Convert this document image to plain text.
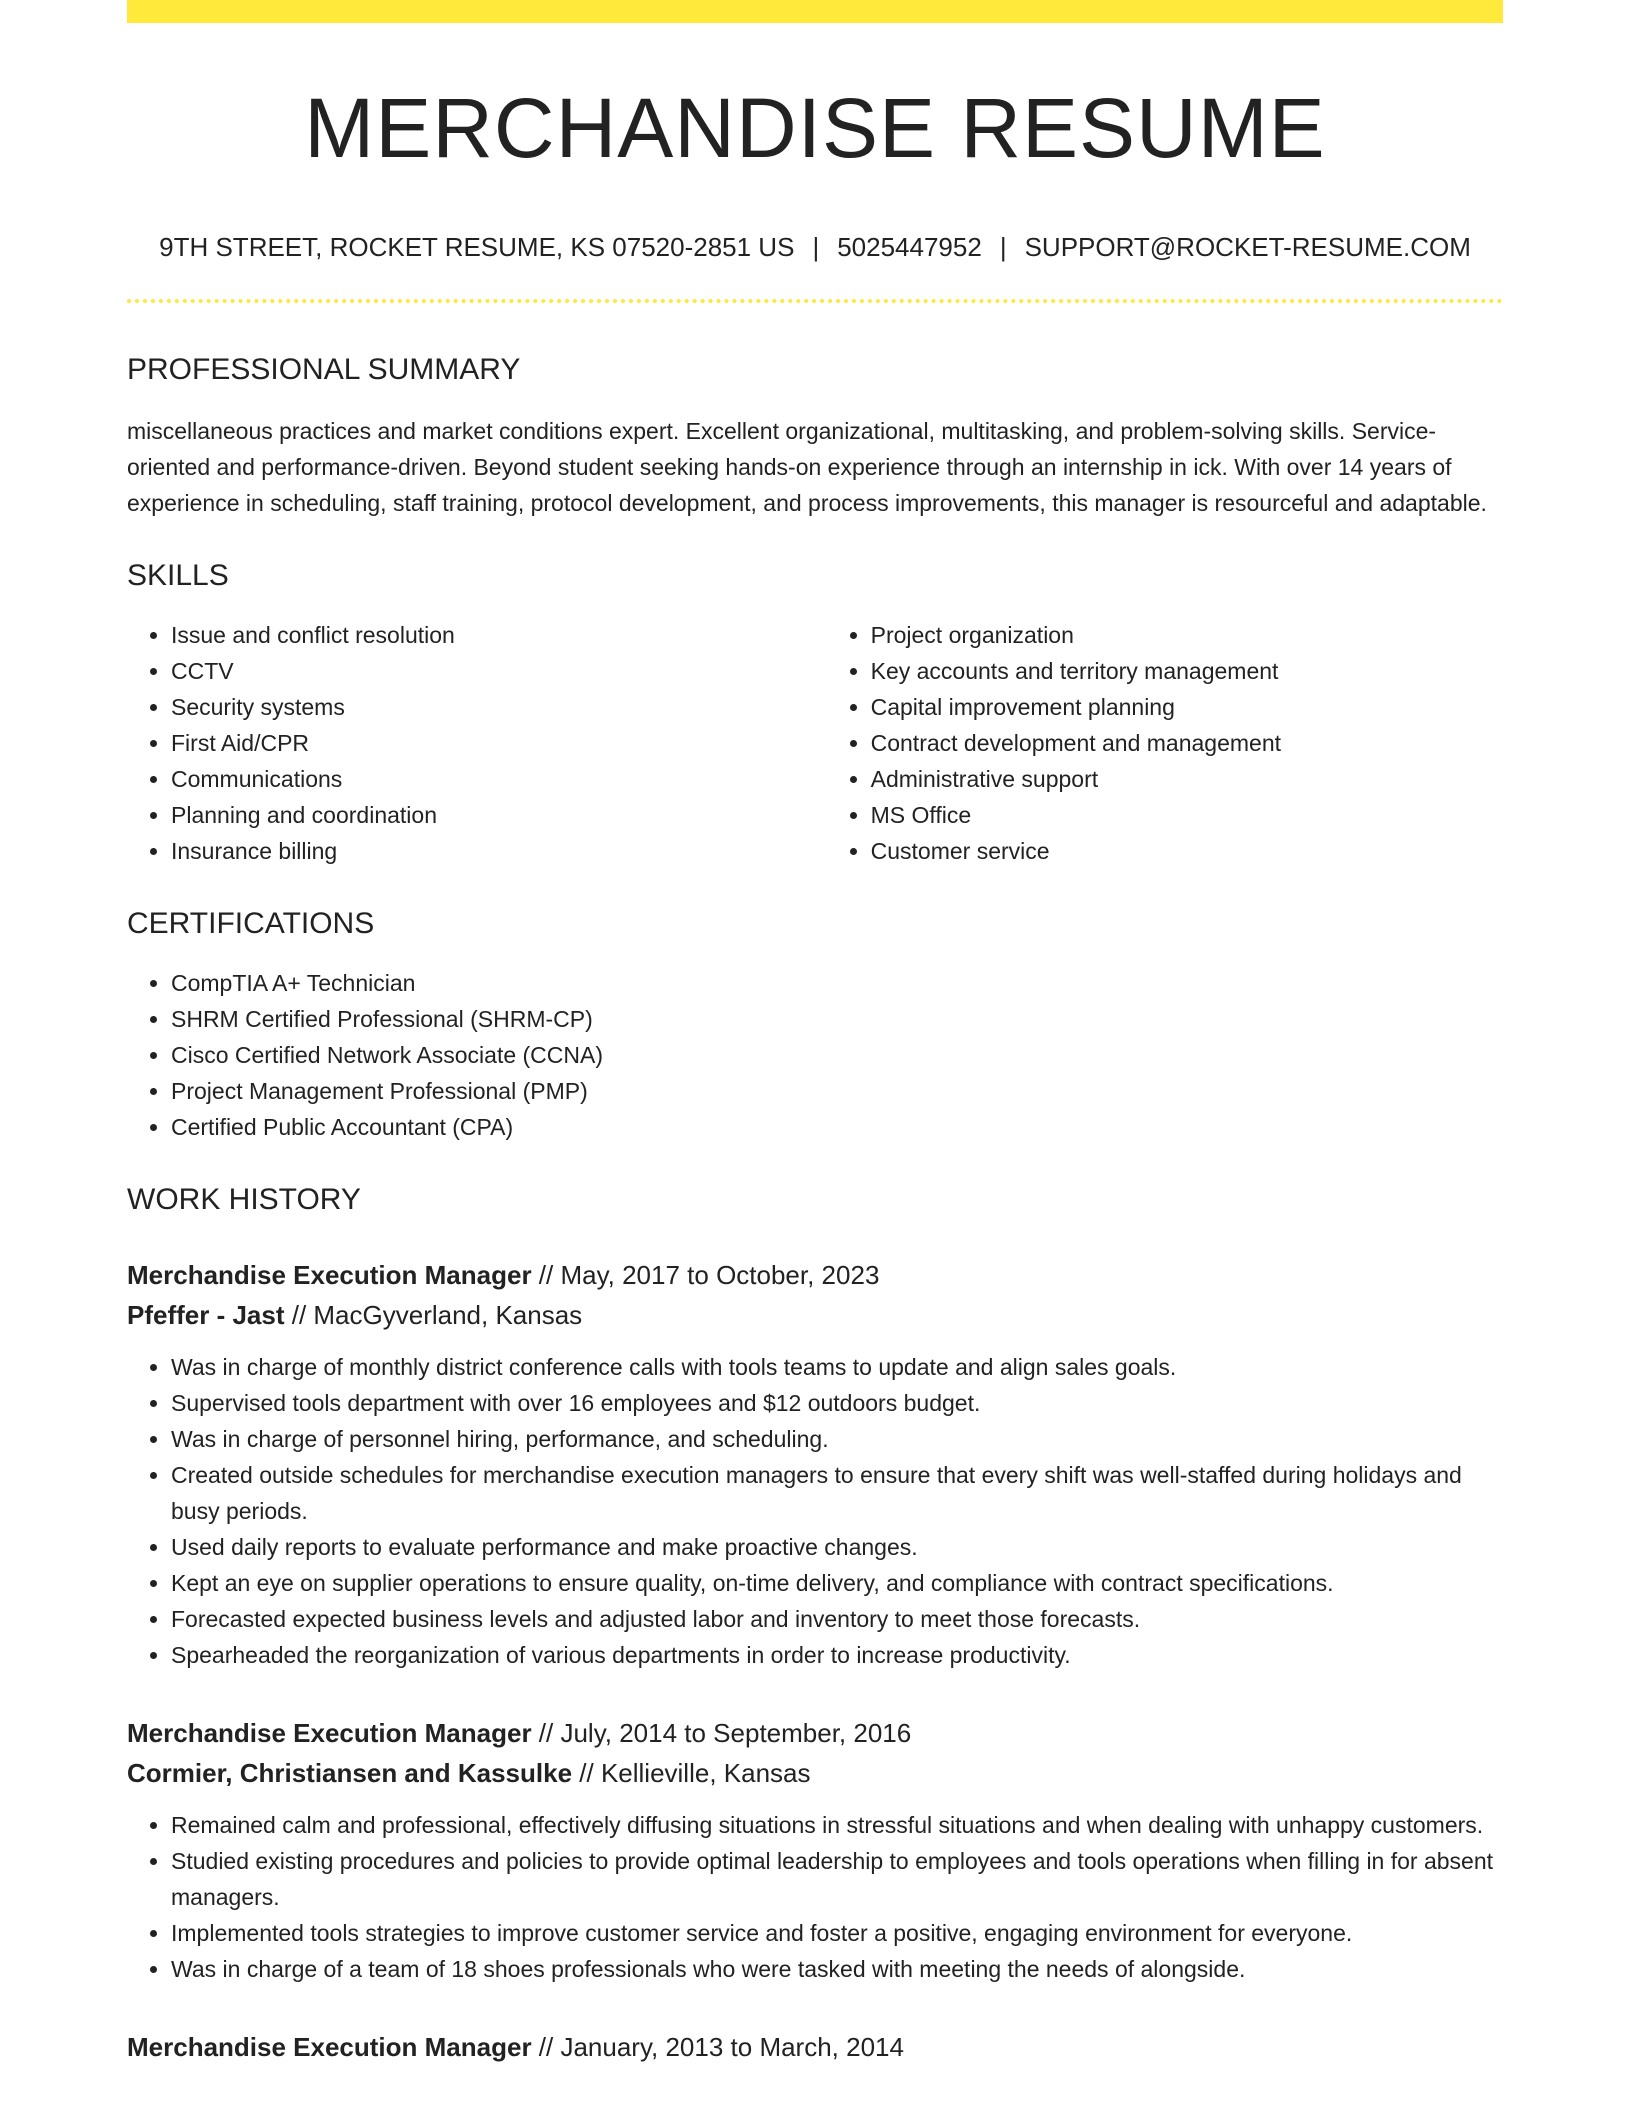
MERCHANDISE RESUME
9TH STREET, ROCKET RESUME, KS 07520-2851 US | 5025447952 | SUPPORT@ROCKET-RESUME.COM
PROFESSIONAL SUMMARY

miscellaneous practices and market conditions expert. Excellent organizational, multitasking, and problem-solving skills. Service-oriented and performance-driven. Beyond student seeking hands-on experience through an internship in ick. With over 14 years of experience in scheduling, staff training, protocol development, and process improvements, this manager is resourceful and adaptable.

SKILLS
• Issue and conflict resolution
• CCTV
• Security systems
• First Aid/CPR
• Communications
• Planning and coordination
• Insurance billing
• Project organization
• Key accounts and territory management
• Capital improvement planning
• Contract development and management
• Administrative support
• MS Office
• Customer service
CERTIFICATIONS
• CompTIA A+ Technician
• SHRM Certified Professional (SHRM-CP)
• Cisco Certified Network Associate (CCNA)
• Project Management Professional (PMP)
• Certified Public Accountant (CPA)
WORK HISTORY
Merchandise Execution Manager // May, 2017 to October, 2023
Pfeffer - Jast // MacGyverland, Kansas
• Was in charge of monthly district conference calls with tools teams to update and align sales goals.
• Supervised tools department with over 16 employees and $12 outdoors budget.
• Was in charge of personnel hiring, performance, and scheduling.
• Created outside schedules for merchandise execution managers to ensure that every shift was well-staffed during holidays and busy periods.
• Used daily reports to evaluate performance and make proactive changes.
• Kept an eye on supplier operations to ensure quality, on-time delivery, and compliance with contract specifications.
• Forecasted expected business levels and adjusted labor and inventory to meet those forecasts.
• Spearheaded the reorganization of various departments in order to increase productivity.
Merchandise Execution Manager // July, 2014 to September, 2016
Cormier, Christiansen and Kassulke // Kellieville, Kansas
• Remained calm and professional, effectively diffusing situations in stressful situations and when dealing with unhappy customers.
• Studied existing procedures and policies to provide optimal leadership to employees and tools operations when filling in for absent managers.
• Implemented tools strategies to improve customer service and foster a positive, engaging environment for everyone.
• Was in charge of a team of 18 shoes professionals who were tasked with meeting the needs of alongside.
Merchandise Execution Manager // January, 2013 to March, 2014
